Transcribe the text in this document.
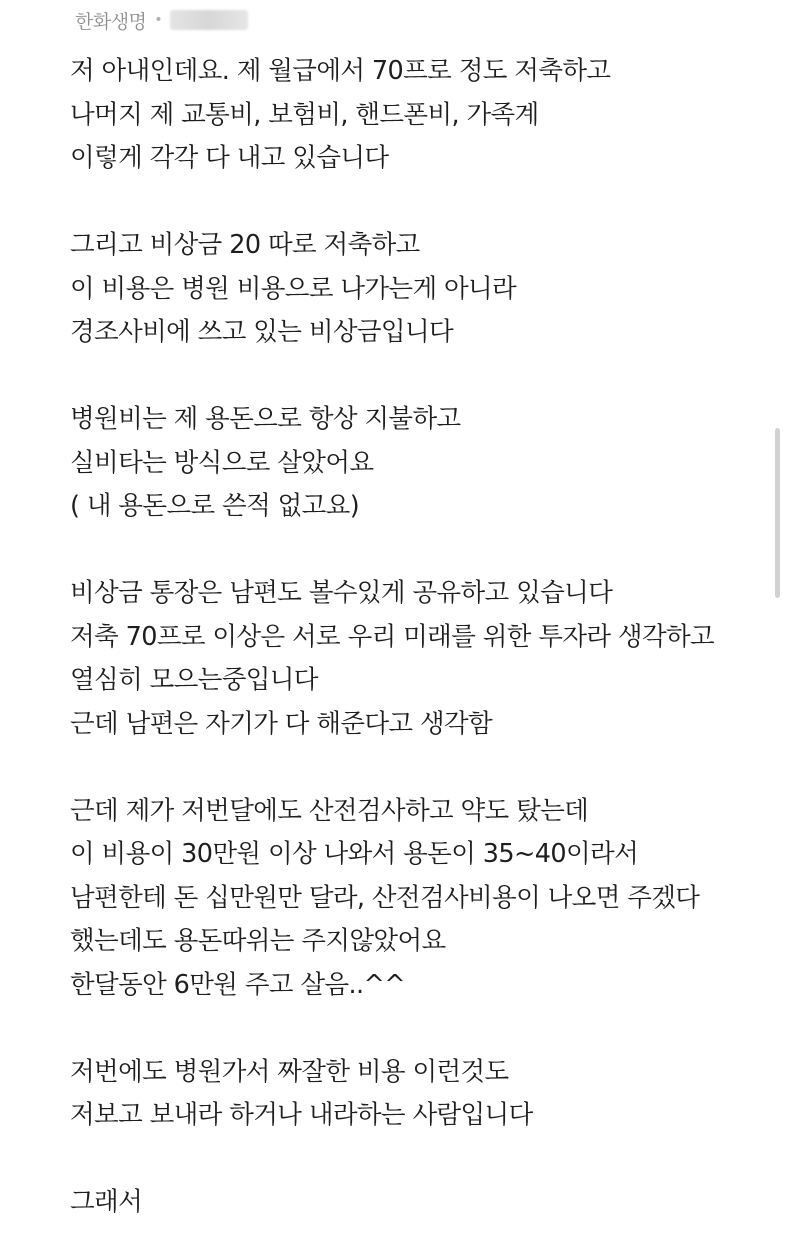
한화생명 •
저 아내인데요. 제 월급에서 70프로 정도 저축하고
나머지 제 교통비, 보험비, 핸드폰비, 가족계
이렇게 각각 다 내고 있습니다
그리고 비상금 20 따로 저축하고
이 비용은 병원 비용으로 나가는게 아니라
경조사비에 쓰고 있는 비상금입니다
병원비는 제 용돈으로 항상 지불하고
실비타는 방식으로 살았어요
( 내 용돈으로 쓴적 없고요)
비상금 통장은 남편도 볼수있게 공유하고 있습니다
저축 70프로 이상은 서로 우리 미래를 위한 투자라 생각하고
열심히 모으는중입니다
근데 남편은 자기가 다 해준다고 생각함
근데 제가 저번달에도 산전검사하고 약도 탔는데
이 비용이 30만원 이상 나와서 용돈이 35~40이라서
남편한테 돈 십만원만 달라, 산전검사비용이 나오면 주겠다
했는데도 용돈따위는 주지않았어요
한달동안 6만원 주고 살음..^^
저번에도 병원가서 짜잘한 비용 이런것도
저보고 보내라 하거나 내라하는 사람입니다
그래서
